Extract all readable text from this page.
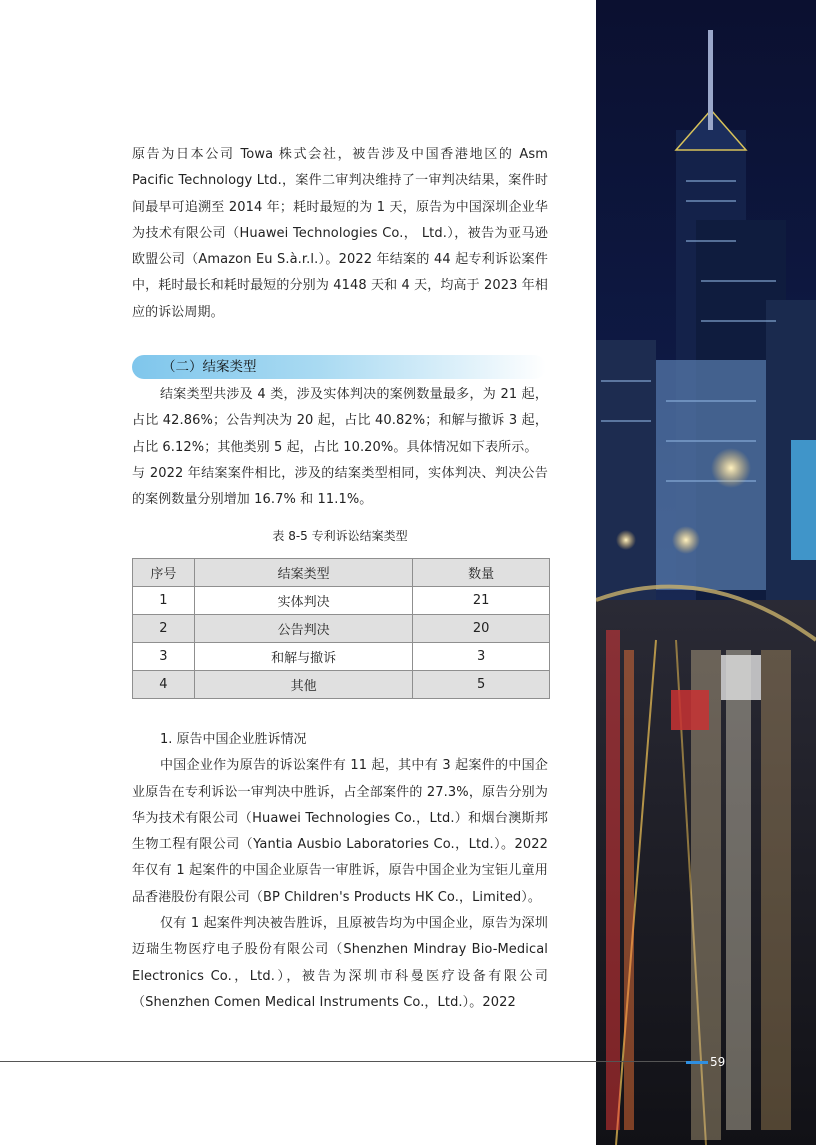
原告为日本公司 Towa 株式会社，被告涉及中国香港地区的 Asm Pacific Technology Ltd.，案件二审判决维持了一审判决结果，案件时间最早可追溯至 2014 年；耗时最短的为 1 天，原告为中国深圳企业华为技术有限公司（Huawei Technologies Co.， Ltd.），被告为亚马逊欧盟公司（Amazon Eu S.à.r.l.）。2022 年结案的 44 起专利诉讼案件中，耗时最长和耗时最短的分别为 4148 天和 4 天，均高于 2023 年相应的诉讼周期。

（二）结案类型

结案类型共涉及 4 类，涉及实体判决的案例数量最多，为 21 起，占比 42.86%；公告判决为 20 起，占比 40.82%；和解与撤诉 3 起，占比 6.12%；其他类别 5 起，占比 10.20%。具体情况如下表所示。

与 2022 年结案案件相比，涉及的结案类型相同，实体判决、判决公告的案例数量分别增加 16.7% 和 11.1%。

表 8-5 专利诉讼结案类型
序号	结案类型	数量
1	实体判决	21
2	公告判决	20
3	和解与撤诉	3
4	其他	5

1. 原告中国企业胜诉情况

中国企业作为原告的诉讼案件有 11 起，其中有 3 起案件的中国企业原告在专利诉讼一审判决中胜诉，占全部案件的 27.3%，原告分别为华为技术有限公司（Huawei Technologies Co.，Ltd.）和烟台澳斯邦生物工程有限公司（Yantia Ausbio Laboratories Co.，Ltd.）。2022 年仅有 1 起案件的中国企业原告一审胜诉，原告中国企业为宝钜儿童用品香港股份有限公司（BP Children's Products HK Co.，Limited）。

仅有 1 起案件判决被告胜诉，且原被告均为中国企业，原告为深圳迈瑞生物医疗电子股份有限公司（Shenzhen Mindray Bio-Medical Electronics Co.，Ltd.），被告为深圳市科曼医疗设备有限公司（Shenzhen Comen Medical Instruments Co.，Ltd.）。2022

59
